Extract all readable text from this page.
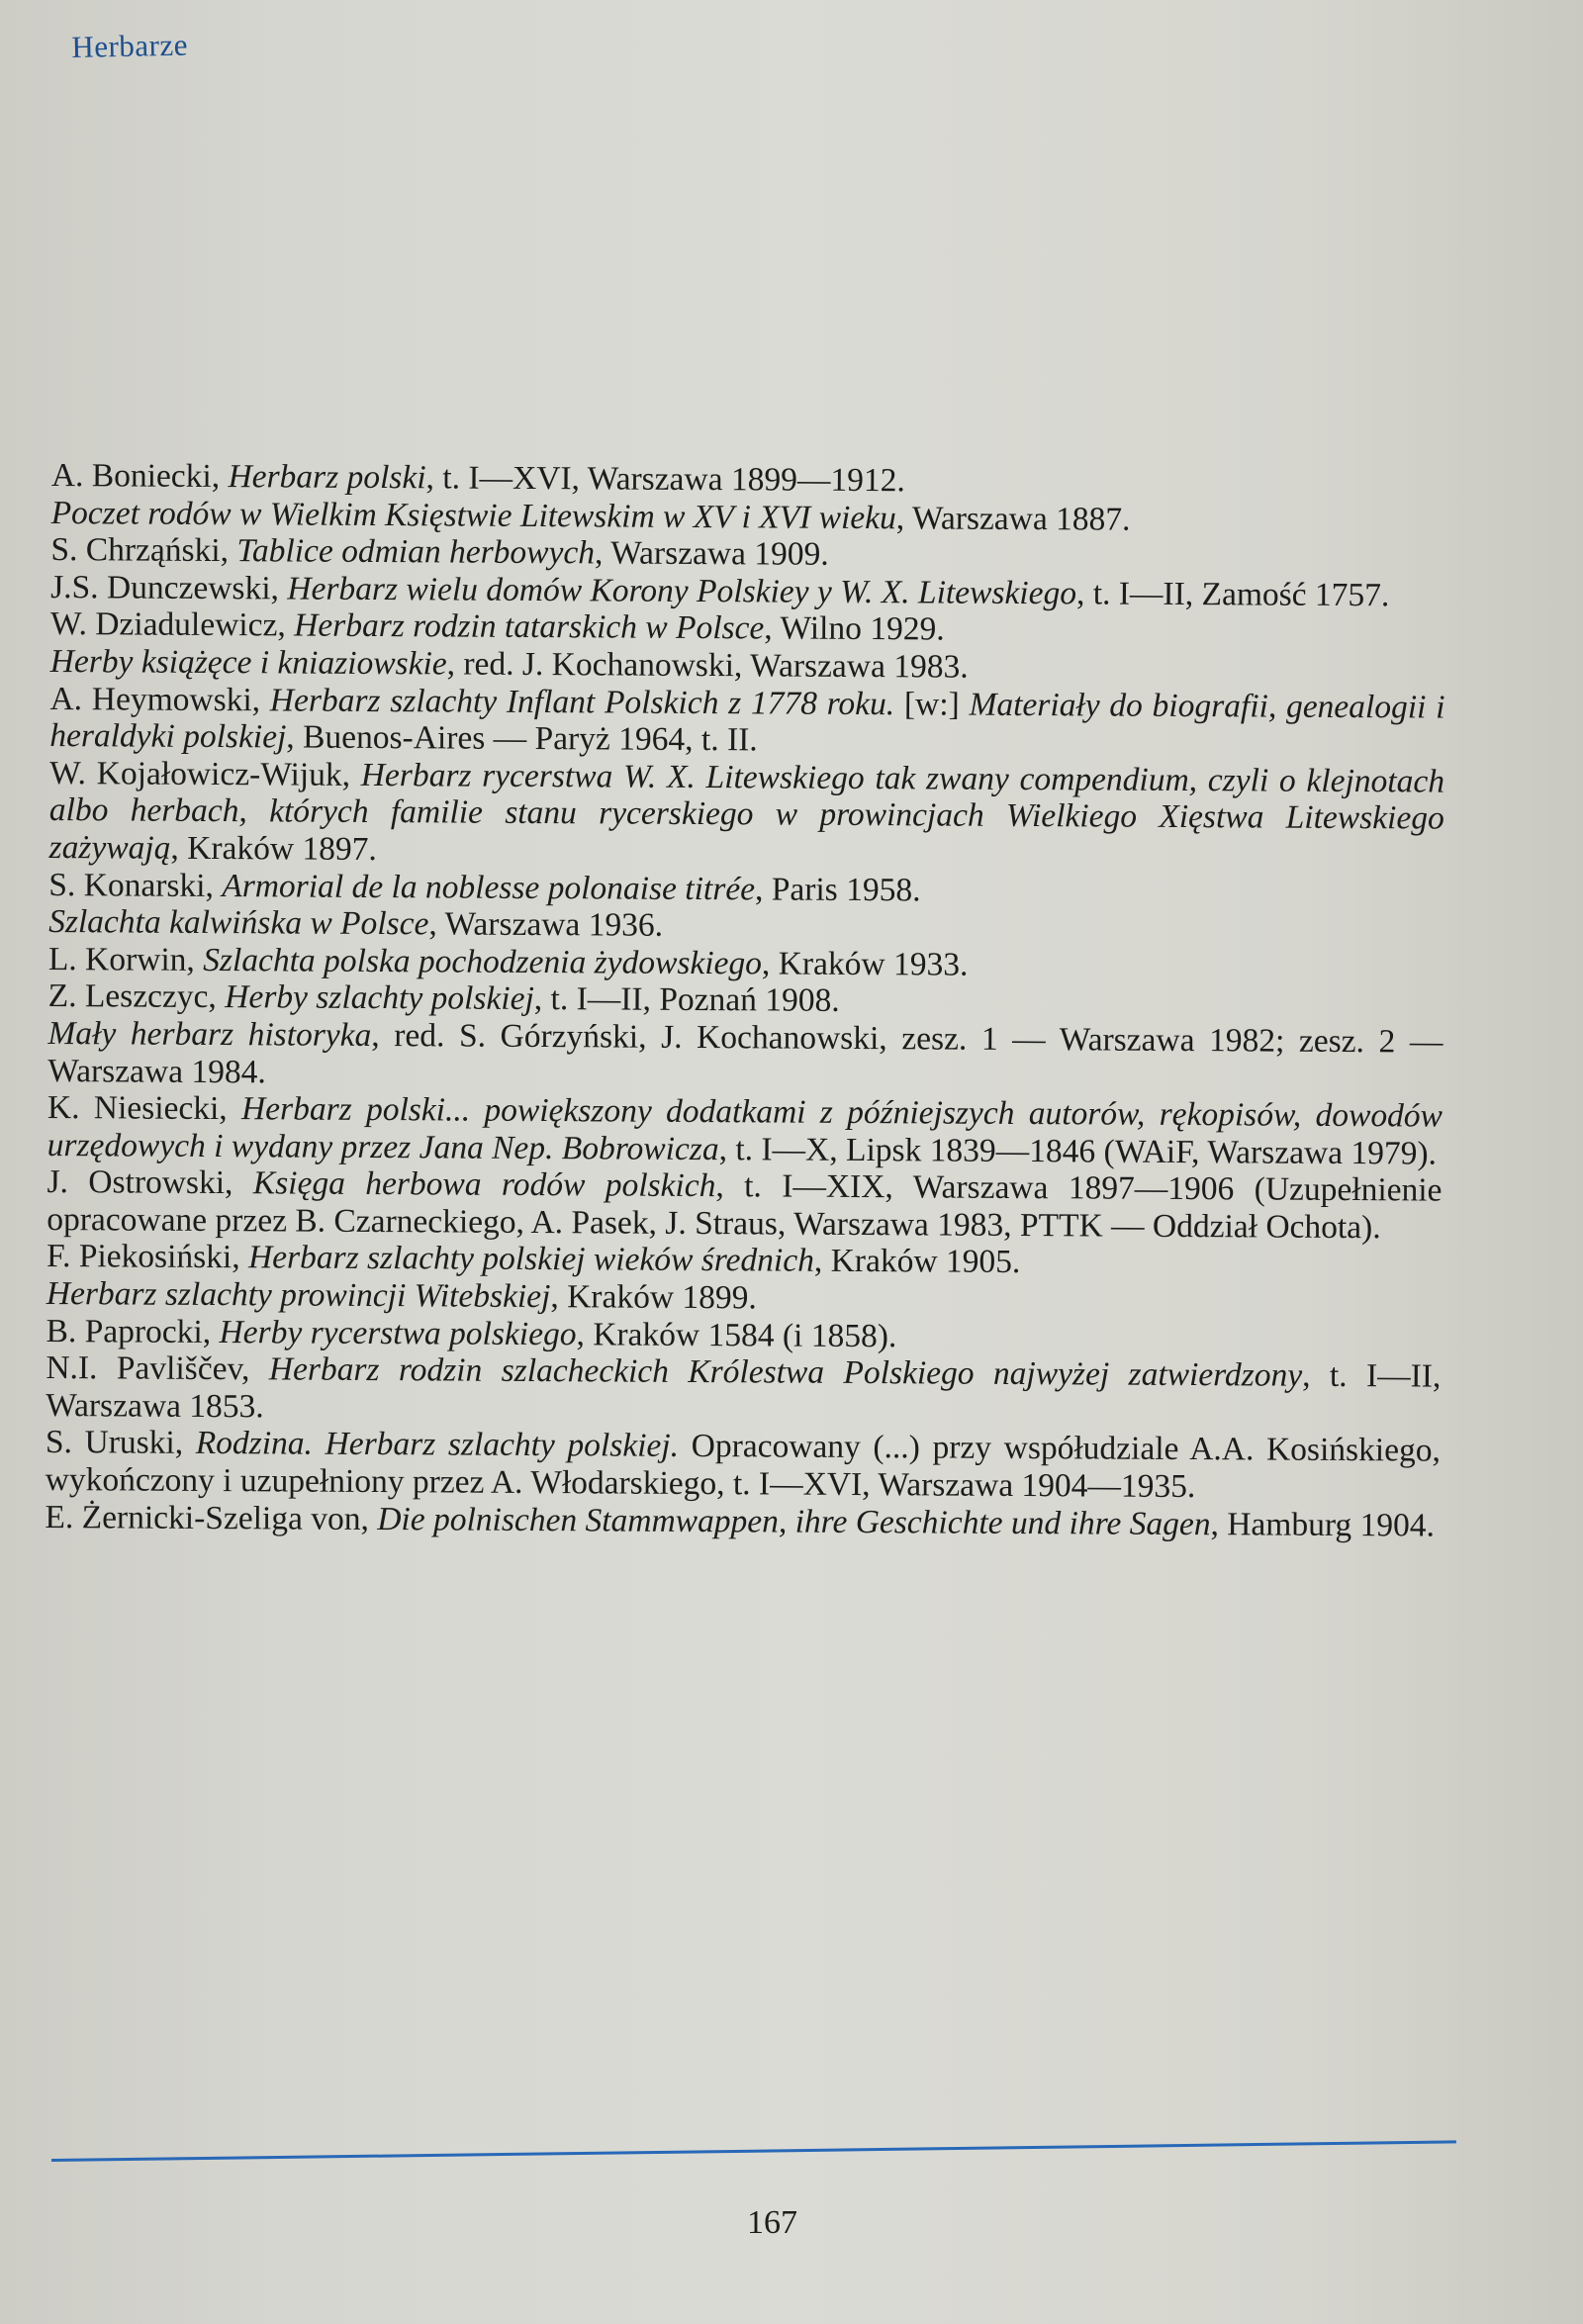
Herbarze
A. Boniecki, Herbarz polski, t. I—XVI, Warszawa 1899—1912.
Poczet rodów w Wielkim Księstwie Litewskim w XV i XVI wieku, Warszawa 1887.
S. Chrząński, Tablice odmian herbowych, Warszawa 1909.
J.S. Dunczewski, Herbarz wielu domów Korony Polskiey y W. X. Litewskiego, t. I—II, Zamość 1757.
W. Dziadulewicz, Herbarz rodzin tatarskich w Polsce, Wilno 1929.
Herby książęce i kniaziowskie, red. J. Kochanowski, Warszawa 1983.
A. Heymowski, Herbarz szlachty Inflant Polskich z 1778 roku. [w:] Materiały do biografii, genealogii i heraldyki polskiej, Buenos-Aires — Paryż 1964, t. II.
W. Kojałowicz-Wijuk, Herbarz rycerstwa W. X. Litewskiego tak zwany compendium, czyli o klejnotach albo herbach, których familie stanu rycerskiego w prowincjach Wielkiego Xięstwa Litewskiego zażywają, Kraków 1897.
S. Konarski, Armorial de la noblesse polonaise titrée, Paris 1958.
Szlachta kalwińska w Polsce, Warszawa 1936.
L. Korwin, Szlachta polska pochodzenia żydowskiego, Kraków 1933.
Z. Leszczyc, Herby szlachty polskiej, t. I—II, Poznań 1908.
Mały herbarz historyka, red. S. Górzyński, J. Kochanowski, zesz. 1 — Warszawa 1982; zesz. 2 — Warszawa 1984.
K. Niesiecki, Herbarz polski... powiększony dodatkami z późniejszych autorów, rękopisów, dowodów urzędowych i wydany przez Jana Nep. Bobrowicza, t. I—X, Lipsk 1839—1846 (WAiF, Warszawa 1979).
J. Ostrowski, Księga herbowa rodów polskich, t. I—XIX, Warszawa 1897—1906 (Uzupełnienie opracowane przez B. Czarneckiego, A. Pasek, J. Straus, Warszawa 1983, PTTK — Oddział Ochota).
F. Piekosiński, Herbarz szlachty polskiej wieków średnich, Kraków 1905.
Herbarz szlachty prowincji Witebskiej, Kraków 1899.
B. Paprocki, Herby rycerstwa polskiego, Kraków 1584 (i 1858).
N.I. Pavliščev, Herbarz rodzin szlacheckich Królestwa Polskiego najwyżej zatwierdzony, t. I—II, Warszawa 1853.
S. Uruski, Rodzina. Herbarz szlachty polskiej. Opracowany (...) przy współudziale A.A. Kosińskiego, wykończony i uzupełniony przez A. Włodarskiego, t. I—XVI, Warszawa 1904—1935.
E. Żernicki-Szeliga von, Die polnischen Stammwappen, ihre Geschichte und ihre Sagen, Hamburg 1904.
167
